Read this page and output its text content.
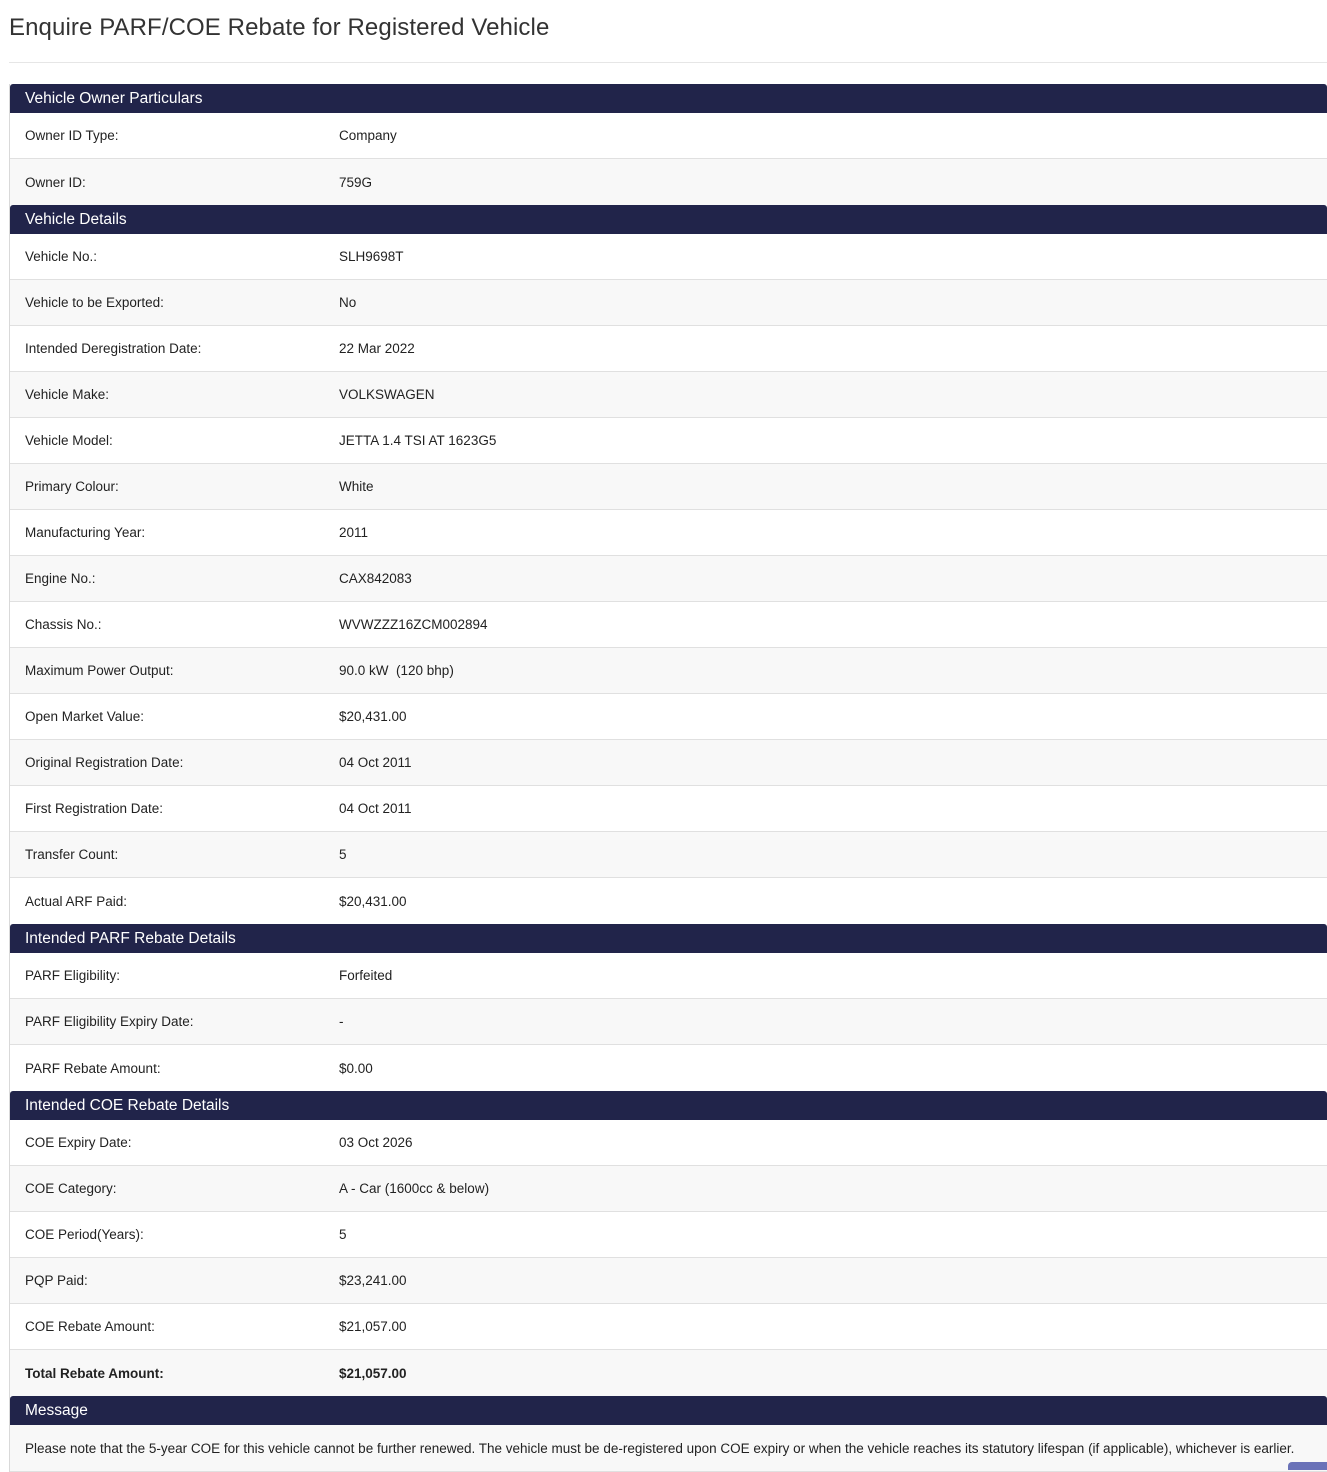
Enquire PARF/COE Rebate for Registered Vehicle
Vehicle Owner Particulars
Owner ID Type:	Company
Owner ID:	759G
Vehicle Details
Vehicle No.:	SLH9698T
Vehicle to be Exported:	No
Intended Deregistration Date:	22 Mar 2022
Vehicle Make:	VOLKSWAGEN
Vehicle Model:	JETTA 1.4 TSI AT 1623G5
Primary Colour:	White
Manufacturing Year:	2011
Engine No.:	CAX842083
Chassis No.:	WVWZZZ16ZCM002894
Maximum Power Output:	90.0 kW  (120 bhp)
Open Market Value:	$20,431.00
Original Registration Date:	04 Oct 2011
First Registration Date:	04 Oct 2011
Transfer Count:	5
Actual ARF Paid:	$20,431.00
Intended PARF Rebate Details
PARF Eligibility:	Forfeited
PARF Eligibility Expiry Date:	-
PARF Rebate Amount:	$0.00
Intended COE Rebate Details
COE Expiry Date:	03 Oct 2026
COE Category:	A - Car (1600cc & below)
COE Period(Years):	5
PQP Paid:	$23,241.00
COE Rebate Amount:	$21,057.00
Total Rebate Amount:	$21,057.00
Message
Please note that the 5-year COE for this vehicle cannot be further renewed. The vehicle must be de-registered upon COE expiry or when the vehicle reaches its statutory lifespan (if applicable), whichever is earlier.
